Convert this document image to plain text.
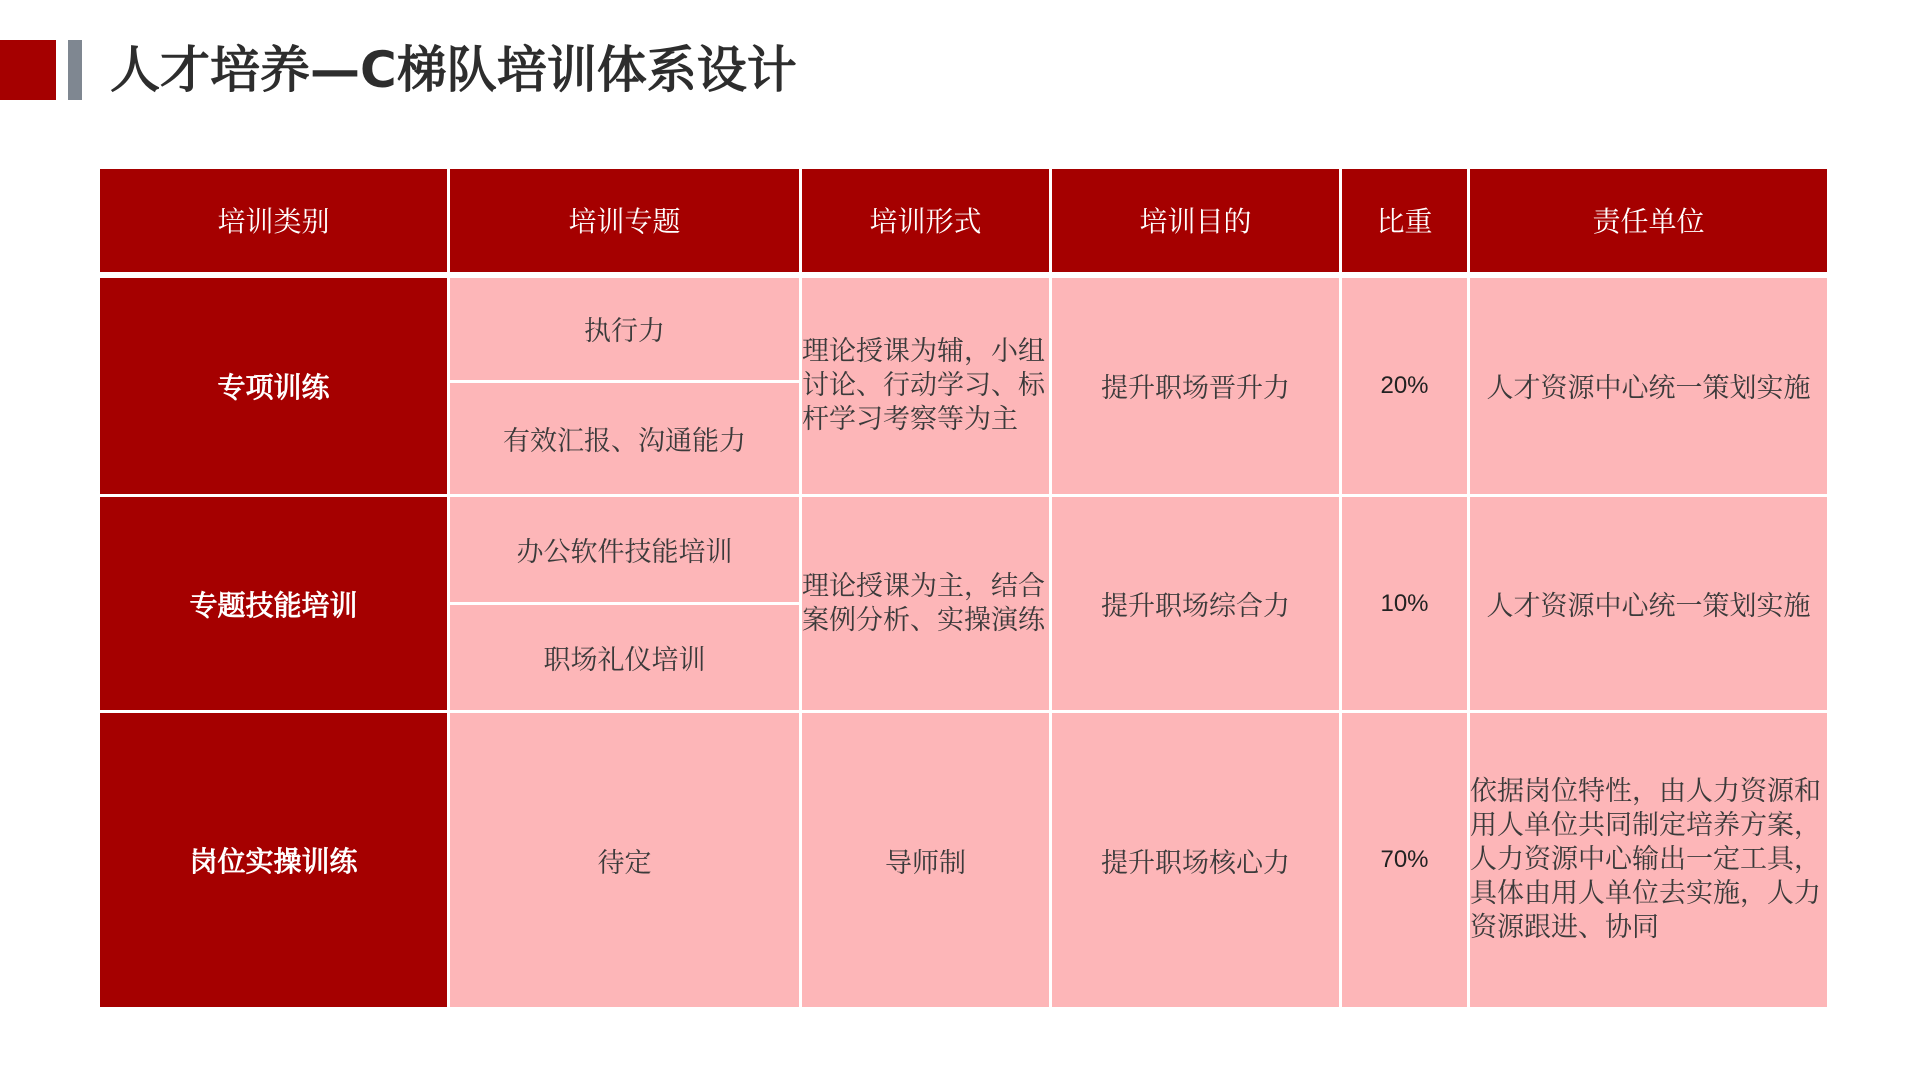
人才培养—C梯队培训体系设计
培训类别	培训专题	培训形式	培训目的	比重	责任单位
专项训练	执行力	理论授课为辅，小组讨论、行动学习、标杆学习考察等为主	提升职场晋升力	20%	人才资源中心统一策划实施
	有效汇报、沟通能力				
专题技能培训	办公软件技能培训	理论授课为主，结合案例分析、实操演练	提升职场综合力	10%	人才资源中心统一策划实施
	职场礼仪培训				
岗位实操训练	待定	导师制	提升职场核心力	70%	依据岗位特性，由人力资源和用人单位共同制定培养方案，人力资源中心输出一定工具，具体由用人单位去实施，人力资源跟进、协同
